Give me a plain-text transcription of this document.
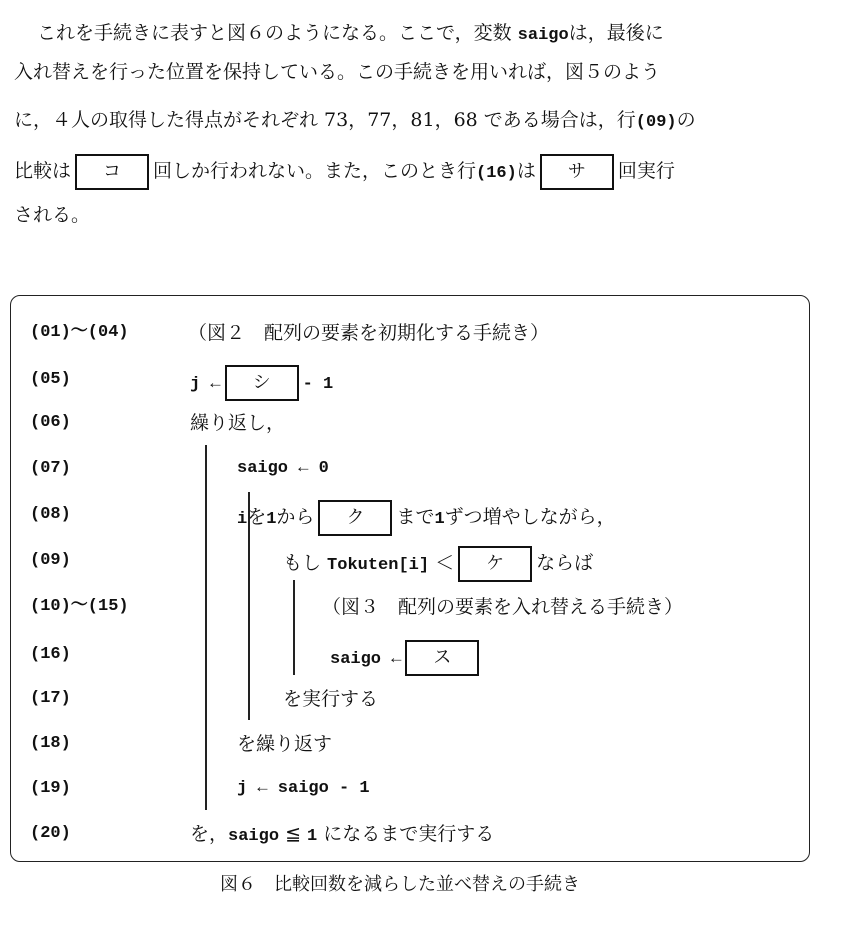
これを手続きに表すと図６のようになる。ここで，変数 saigoは，最後に
入れ替えを行った位置を保持している。この手続きを用いれば，図５のよう
に，４人の取得した得点がそれぞれ 73，77，81，68 である場合は，行(09)の
比較は コ 回しか行われない。また，このとき行(16)は サ 回実行
される。
(01)～(04)	（図２　配列の要素を初期化する手続き）
(05)	j ← シ - 1
(06)	繰り返し，
(07)	saigo ← 0
(08)	iを1から ク まで1ずつ増やしながら，
(09)	もし Tokuten[i] ＜ ケ ならば
(10)～(15)	（図３　配列の要素を入れ替える手続き）
(16)	saigo ← ス
(17)	を実行する
(18)	を繰り返す
(19)	j ← saigo - 1
(20)	を，saigo ≦ 1 になるまで実行する
図６　比較回数を減らした並べ替えの手続き
